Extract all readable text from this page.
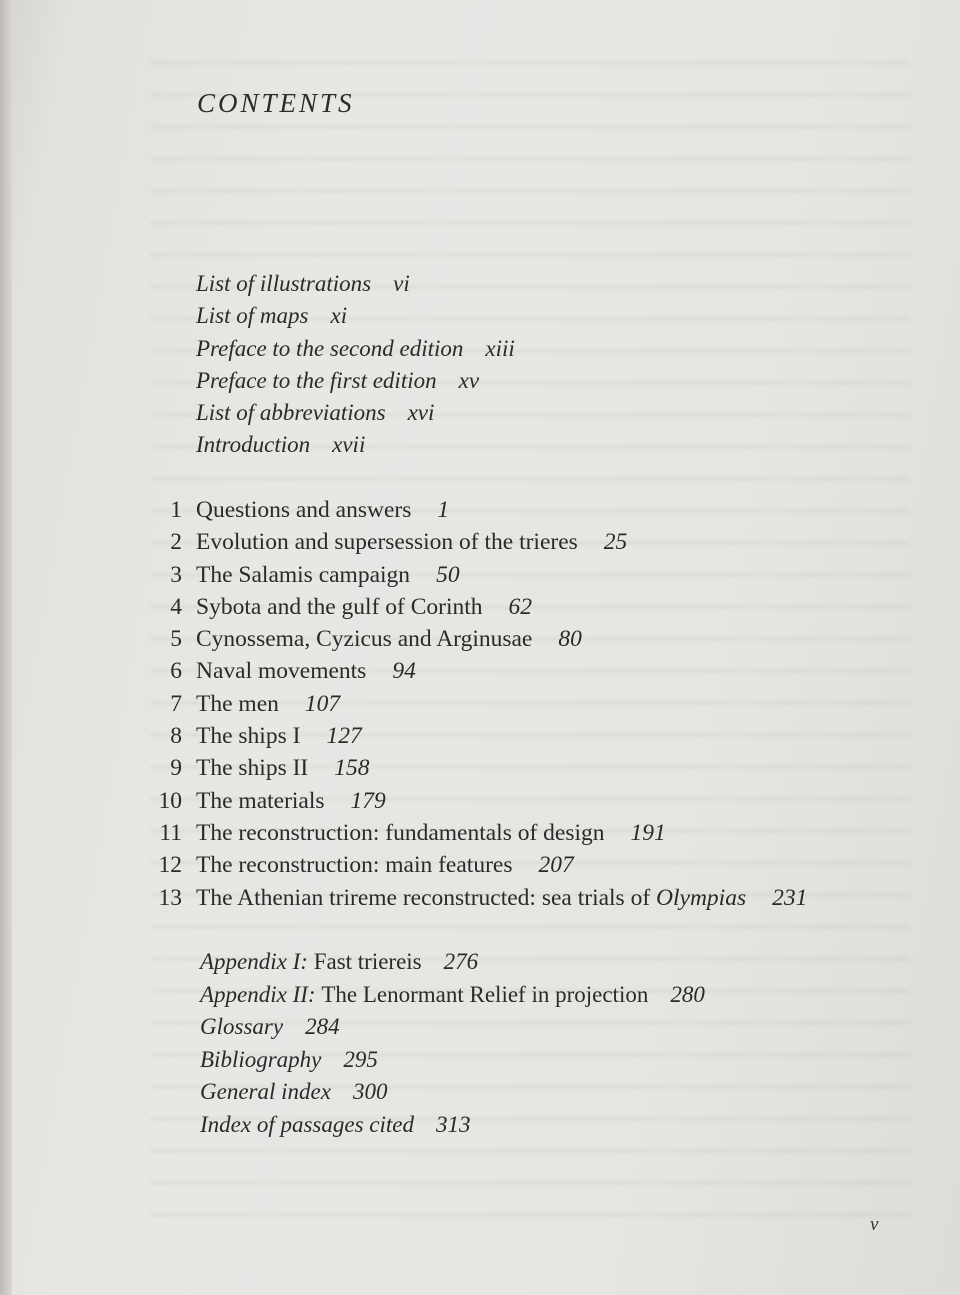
CONTENTS
List of illustrations vi
List of maps xi
Preface to the second edition xiii
Preface to the first edition xv
List of abbreviations xvi
Introduction xvii
1 Questions and answers 1
2 Evolution and supersession of the trieres 25
3 The Salamis campaign 50
4 Sybota and the gulf of Corinth 62
5 Cynossema, Cyzicus and Arginusae 80
6 Naval movements 94
7 The men 107
8 The ships I 127
9 The ships II 158
10 The materials 179
11 The reconstruction: fundamentals of design 191
12 The reconstruction: main features 207
13 The Athenian trireme reconstructed: sea trials of Olympias 231
Appendix I: Fast triereis 276
Appendix II: The Lenormant Relief in projection 280
Glossary 284
Bibliography 295
General index 300
Index of passages cited 313
v
